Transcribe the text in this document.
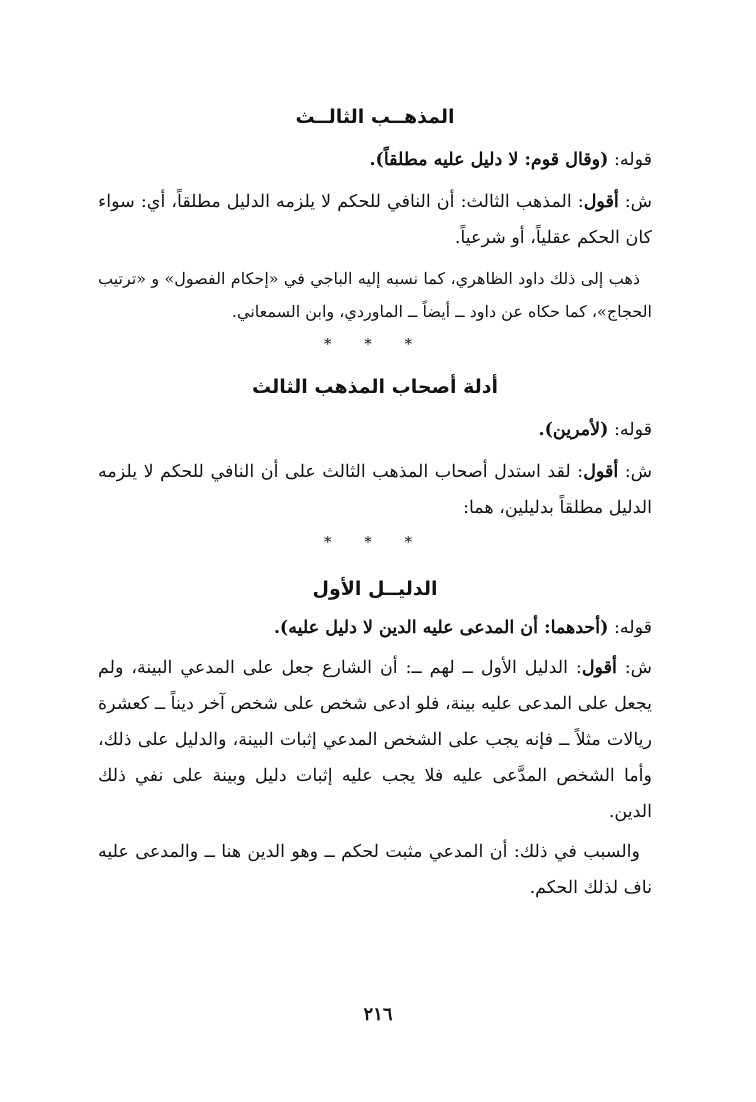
المذهــب الثالــث

قوله: (وقال قوم: لا دليل عليه مطلقاً).

ش: أقول: المذهب الثالث: أن النافي للحكم لا يلزمه الدليل مطلقاً، أي: سواء كان الحكم عقلياً، أو شرعياً.

ذهب إلى ذلك داود الظاهري، كما نسبه إليه الباجي في «إحكام الفصول» و «ترتيب الحجاج»، كما حكاه عن داود ــ أيضاً ــ الماوردي، وابن السمعاني.

* * *

أدلة أصحاب المذهب الثالث

قوله: (لأمرين).

ش: أقول: لقد استدل أصحاب المذهب الثالث على أن النافي للحكم لا يلزمه الدليل مطلقاً بدليلين، هما:

* * *

الدليــل الأول

قوله: (أحدهما: أن المدعى عليه الدين لا دليل عليه).

ش: أقول: الدليل الأول ــ لهم ــ: أن الشارع جعل على المدعي البينة، ولم يجعل على المدعى عليه بينة، فلو ادعى شخص على شخص آخر ديناً ــ كعشرة ريالات مثلاً ــ فإنه يجب على الشخص المدعي إثبات البينة، والدليل على ذلك، وأما الشخص المدَّعى عليه فلا يجب عليه إثبات دليل وبينة على نفي ذلك الدين.

والسبب في ذلك: أن المدعي مثبت لحكم ــ وهو الدين هنا ــ والمدعى عليه ناف لذلك الحكم.

٢١٦
